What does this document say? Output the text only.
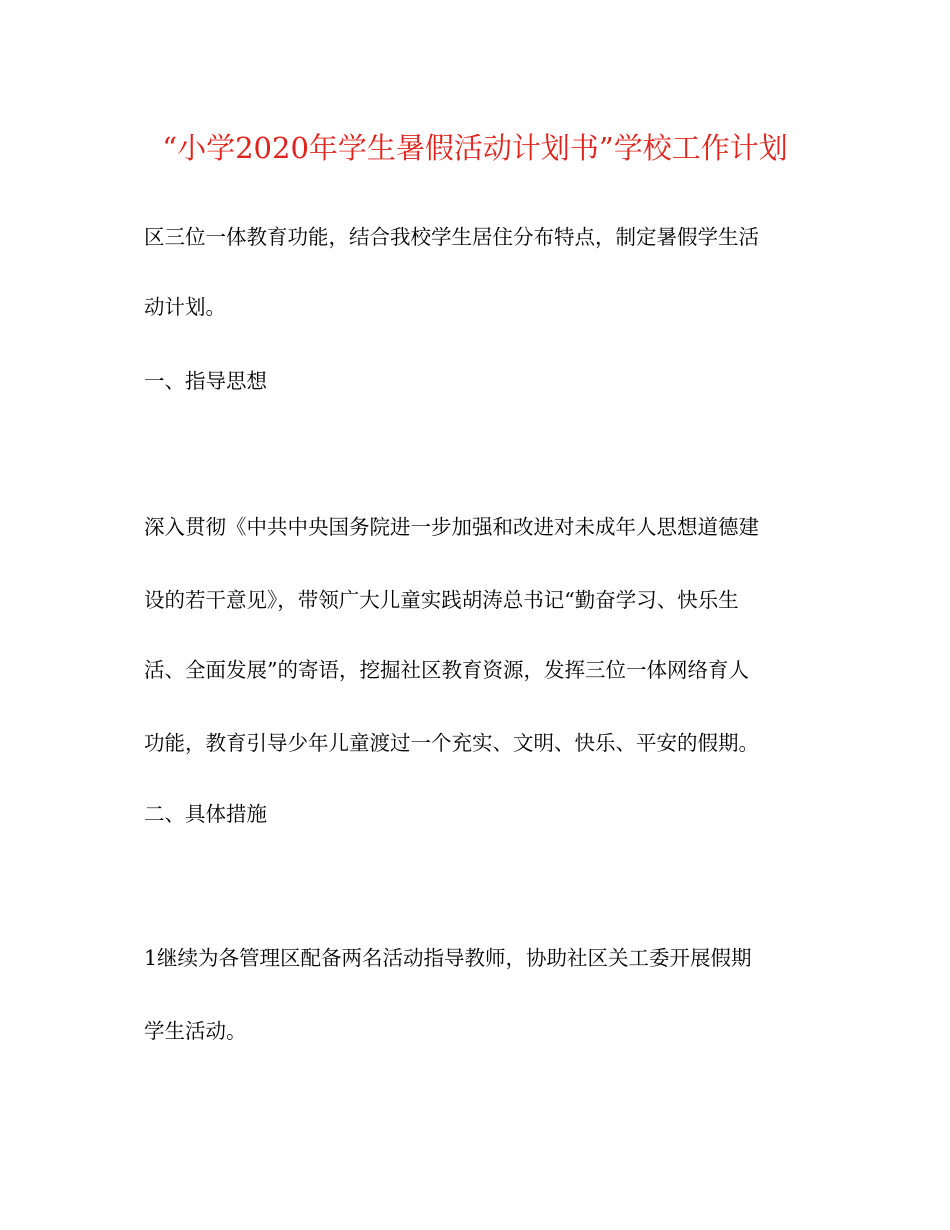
“小学2020年学生暑假活动计划书”学校工作计划
区三位一体教育功能，结合我校学生居住分布特点，制定暑假学生活
动计划。
一、指导思想
深入贯彻《中共中央国务院进一步加强和改进对未成年人思想道德建
设的若干意见》，带领广大儿童实践胡涛总书记“勤奋学习、快乐生
活、全面发展”的寄语，挖掘社区教育资源，发挥三位一体网络育人
功能，教育引导少年儿童渡过一个充实、文明、快乐、平安的假期。
二、具体措施
1继续为各管理区配备两名活动指导教师，协助社区关工委开展假期
学生活动。
